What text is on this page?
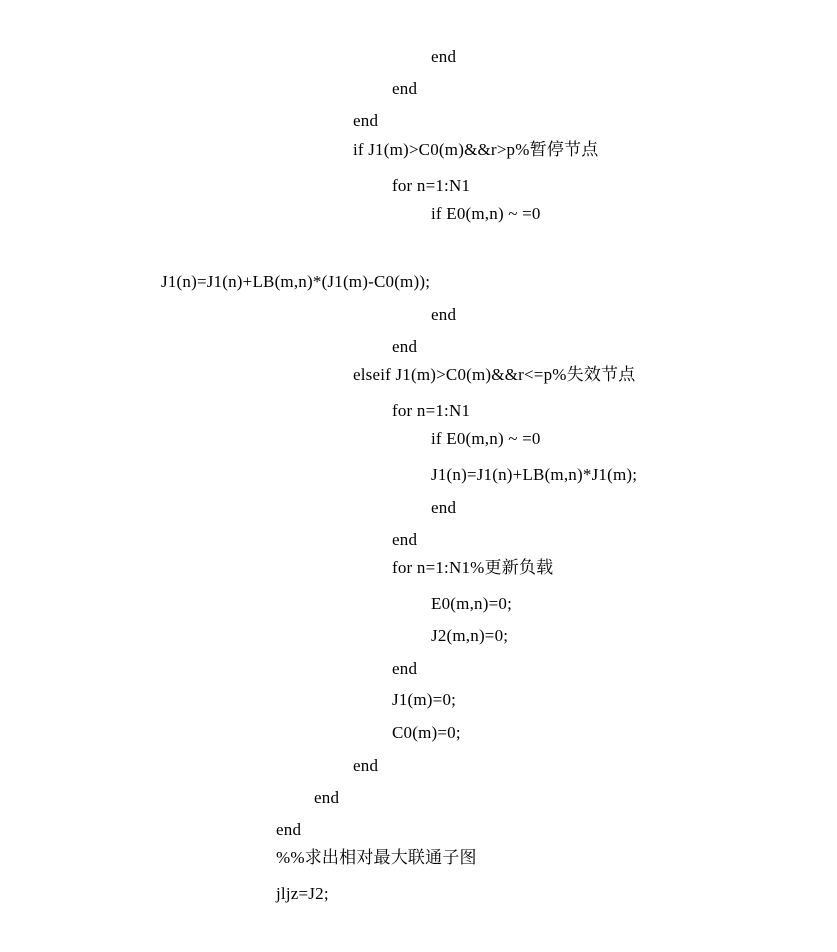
end
end
end
if J1(m)>C0(m)&&r>p%暂停节点
for n=1:N1
if E0(m,n) ~ =0
J1(n)=J1(n)+LB(m,n)*(J1(m)-C0(m));
end
end
elseif J1(m)>C0(m)&&r<=p%失效节点
for n=1:N1
if E0(m,n) ~ =0
J1(n)=J1(n)+LB(m,n)*J1(m);
end
end
for n=1:N1%更新负载
E0(m,n)=0;
J2(m,n)=0;
end
J1(m)=0;
C0(m)=0;
end
end
end
%%求出相对最大联通子图
jljz=J2;
